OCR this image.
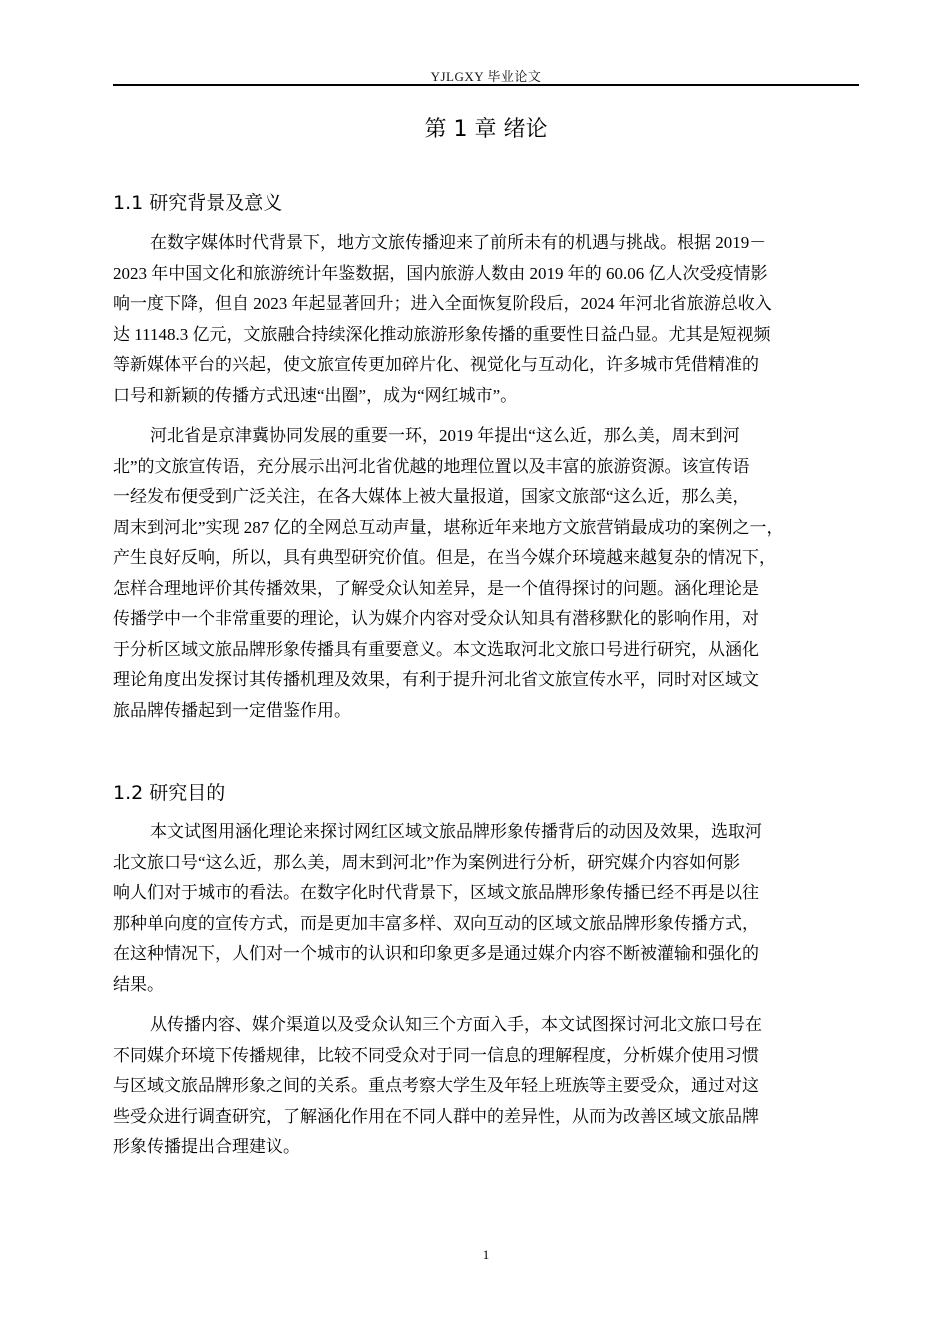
YJLGXY 毕业论文
第 1 章 绪论
1.1 研究背景及意义

在数字媒体时代背景下，地方文旅传播迎来了前所未有的机遇与挑战。根据 2019－
2023 年中国文化和旅游统计年鉴数据，国内旅游人数由 2019 年的 60.06 亿人次受疫情影
响一度下降，但自 2023 年起显著回升；进入全面恢复阶段后，2024 年河北省旅游总收入
达 11148.3 亿元，文旅融合持续深化推动旅游形象传播的重要性日益凸显。尤其是短视频
等新媒体平台的兴起，使文旅宣传更加碎片化、视觉化与互动化，许多城市凭借精准的
口号和新颖的传播方式迅速“出圈”，成为“网红城市”。

河北省是京津冀协同发展的重要一环，2019 年提出“这么近，那么美，周末到河
北”的文旅宣传语，充分展示出河北省优越的地理位置以及丰富的旅游资源。该宣传语
一经发布便受到广泛关注，在各大媒体上被大量报道，国家文旅部“这么近，那么美，
周末到河北”实现 287 亿的全网总互动声量，堪称近年来地方文旅营销最成功的案例之一，
产生良好反响，所以，具有典型研究价值。但是，在当今媒介环境越来越复杂的情况下，
怎样合理地评价其传播效果，了解受众认知差异，是一个值得探讨的问题。涵化理论是
传播学中一个非常重要的理论，认为媒介内容对受众认知具有潜移默化的影响作用，对
于分析区域文旅品牌形象传播具有重要意义。本文选取河北文旅口号进行研究，从涵化
理论角度出发探讨其传播机理及效果，有利于提升河北省文旅宣传水平，同时对区域文
旅品牌传播起到一定借鉴作用。

1.2 研究目的

本文试图用涵化理论来探讨网红区域文旅品牌形象传播背后的动因及效果，选取河
北文旅口号“这么近，那么美，周末到河北”作为案例进行分析，研究媒介内容如何影
响人们对于城市的看法。在数字化时代背景下，区域文旅品牌形象传播已经不再是以往
那种单向度的宣传方式，而是更加丰富多样、双向互动的区域文旅品牌形象传播方式，
在这种情况下，人们对一个城市的认识和印象更多是通过媒介内容不断被灌输和强化的
结果。

从传播内容、媒介渠道以及受众认知三个方面入手，本文试图探讨河北文旅口号在
不同媒介环境下传播规律，比较不同受众对于同一信息的理解程度，分析媒介使用习惯
与区域文旅品牌形象之间的关系。重点考察大学生及年轻上班族等主要受众，通过对这
些受众进行调查研究，了解涵化作用在不同人群中的差异性，从而为改善区域文旅品牌
形象传播提出合理建议。

1
